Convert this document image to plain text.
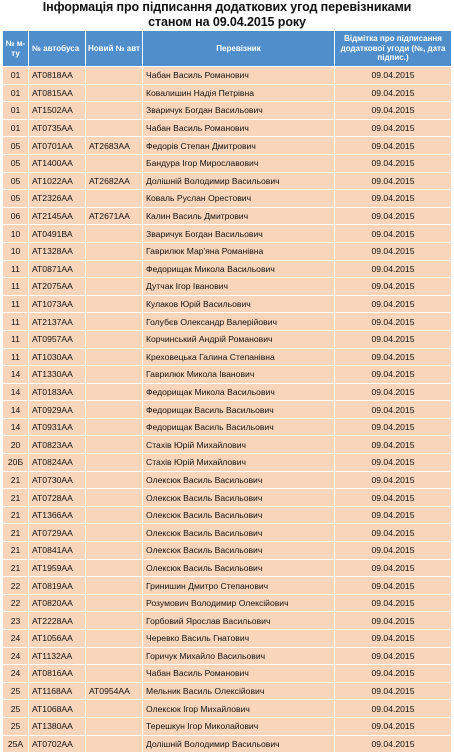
Інформація про підписання додаткових угод перевізниками
станом на 09.04.2015 року
№ м-ту	№ автобуса	Новий № авт	Перевізник	Відмітка про підписання додаткової угоди (№, дата підпис.)
01	АТ0818АА		Чабан Василь Романович	09.04.2015
01	АТ0815АА		Ковалишин Надія Петрівна	09.04.2015
01	АТ1502АА		Зваричук Богдан Васильович	09.04.2015
01	АТ0735АА		Чабан Василь Романович	09.04.2015
05	АТ0701АА	АТ2683АА	Федорів Степан Дмитрович	09.04.2015
05	АТ1400АА		Бандура Ігор Мирославович	09.04.2015
05	АТ1022АА	АТ2682АА	Долішній Володимир Васильович	09.04.2015
05	АТ2326АА		Коваль Руслан Орестович	09.04.2015
06	АТ2145АА	АТ2671АА	Калин Василь Дмитрович	09.04.2015
10	АТ0491ВА		Зваричук Богдан Васильович	09.04.2015
10	АТ1328АА		Гаврилюк Мар'яна Романівна	09.04.2015
11	АТ0871АА		Федорищак Микола Васильович	09.04.2015
11	АТ2075АА		Дутчак Ігор Іванович	09.04.2015
11	АТ1073АА		Кулаков Юрій Васильович	09.04.2015
11	АТ2137АА		Голубєв Олександр Валерійович	09.04.2015
11	АТ0957АА		Корчинський Андрій Романович	09.04.2015
11	АТ1030АА		Креховецька Галина Степанівна	09.04.2015
14	АТ1330АА		Гаврилюк Микола Іванович	09.04.2015
14	АТ0183АА		Федорищак Микола Васильович	09.04.2015
14	АТ0929АА		Федорищак Василь Васильович	09.04.2015
14	АТ0931АА		Федорищак Василь Васильович	09.04.2015
20	АТ0823АА		Стахів Юрій Михайлович	09.04.2015
20Б	АТ0824АА		Стахів Юрій Михайлович	09.04.2015
21	АТ0730АА		Олексюк Василь Васильович	09.04.2015
21	АТ0728АА		Олексюк Василь Васильович	09.04.2015
21	АТ1366АА		Олексюк Василь Васильович	09.04.2015
21	АТ0729АА		Олексюк Василь Васильович	09.04.2015
21	АТ0841АА		Олексюк Василь Васильович	09.04.2015
21	АТ1959АА		Олексюк Василь Васильович	09.04.2015
22	АТ0819АА		Гринишин Дмитро Степанович	09.04.2015
22	АТ0820АА		Розумович Володимир Олексійович	09.04.2015
23	АТ2228АА		Горбовий Ярослав Васильович	09.04.2015
24	АТ1056АА		Черевко Василь Гнатович	09.04.2015
24	АТ1132АА		Горичук Михайло Васильович	09.04.2015
24	АТ0816АА		Чабан Василь Романович	09.04.2015
25	АТ1168АА	АТ0954АА	Мельник Василь Олексійович	09.04.2015
25	АТ1068АА		Олексюк Ігор Михайлович	09.04.2015
25	АТ1380АА		Терешкун Ігор Миколайович	09.04.2015
25А	АТ0702АА		Долішній Володимир Васильович	09.04.2015
